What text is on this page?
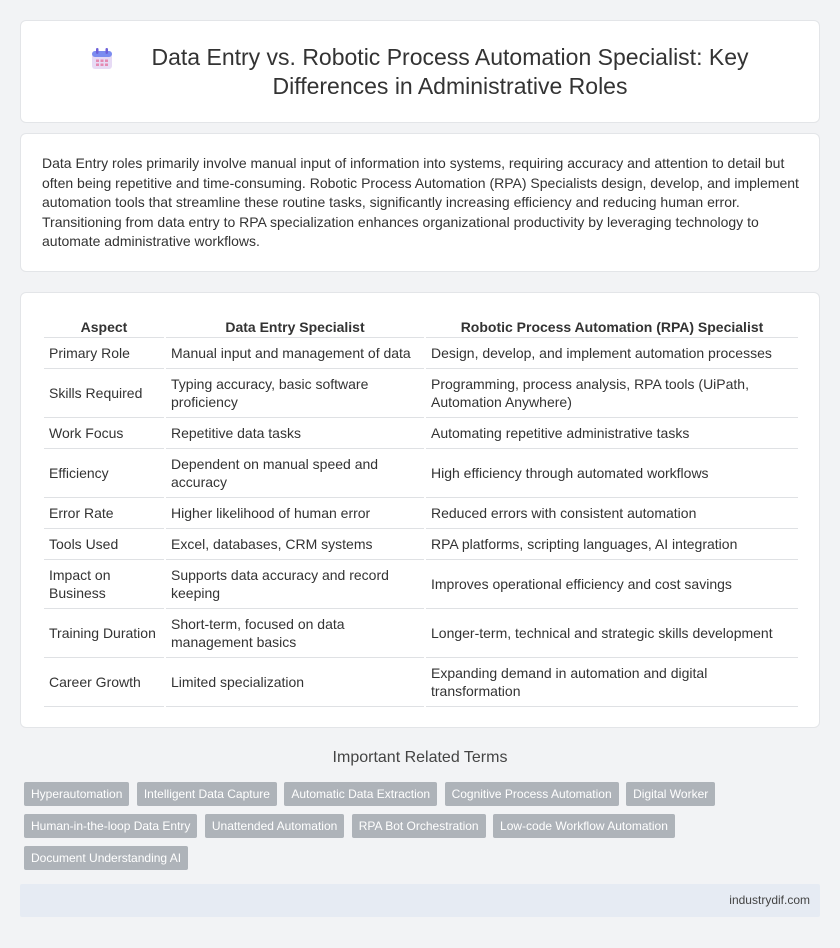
Data Entry vs. Robotic Process Automation Specialist: Key Differences in Administrative Roles

Data Entry roles primarily involve manual input of information into systems, requiring accuracy and attention to detail but often being repetitive and time-consuming. Robotic Process Automation (RPA) Specialists design, develop, and implement automation tools that streamline these routine tasks, significantly increasing efficiency and reducing human error. Transitioning from data entry to RPA specialization enhances organizational productivity by leveraging technology to automate administrative workflows.

Aspect	Data Entry Specialist	Robotic Process Automation (RPA) Specialist
Primary Role	Manual input and management of data	Design, develop, and implement automation processes
Skills Required	Typing accuracy, basic software proficiency	Programming, process analysis, RPA tools (UiPath, Automation Anywhere)
Work Focus	Repetitive data tasks	Automating repetitive administrative tasks
Efficiency	Dependent on manual speed and accuracy	High efficiency through automated workflows
Error Rate	Higher likelihood of human error	Reduced errors with consistent automation
Tools Used	Excel, databases, CRM systems	RPA platforms, scripting languages, AI integration
Impact on Business	Supports data accuracy and record keeping	Improves operational efficiency and cost savings
Training Duration	Short-term, focused on data management basics	Longer-term, technical and strategic skills development
Career Growth	Limited specialization	Expanding demand in automation and digital transformation
Important Related Terms
Hyperautomation Intelligent Data Capture Automatic Data Extraction Cognitive Process Automation Digital Worker Human-in-the-loop Data Entry Unattended Automation RPA Bot Orchestration Low-code Workflow Automation Document Understanding AI
industrydif.com
